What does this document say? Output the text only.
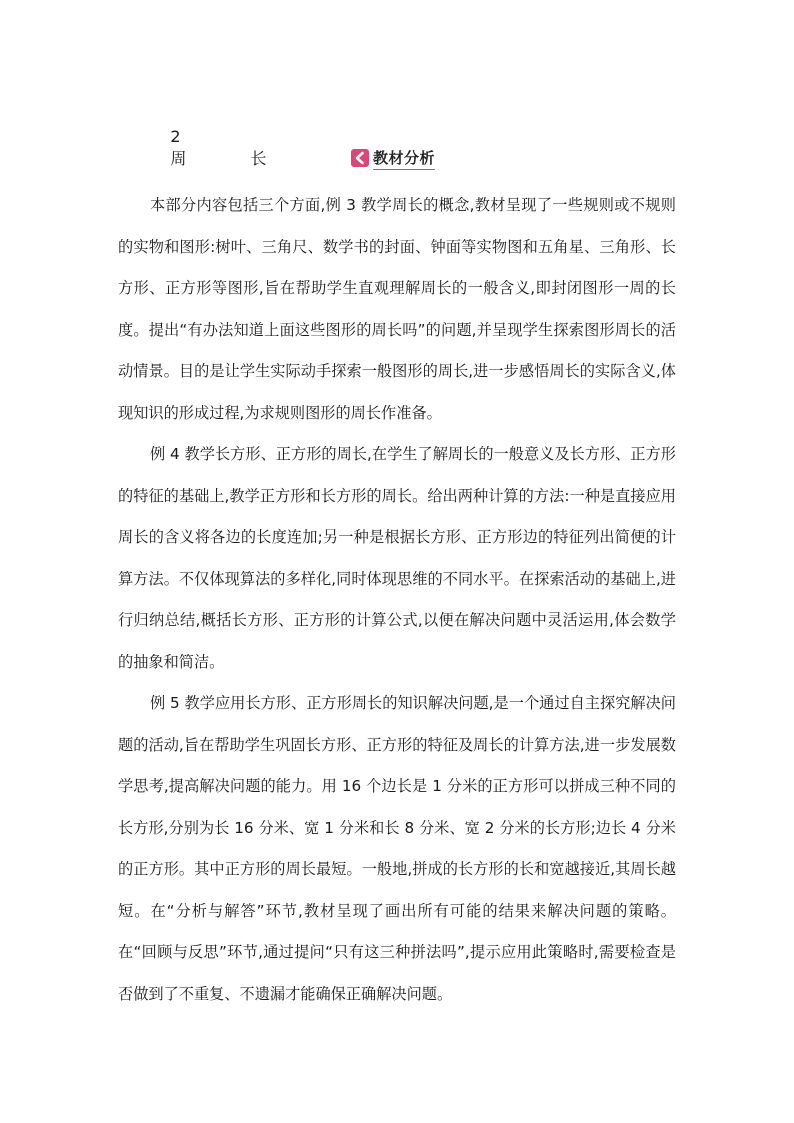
2
周  长
	教材分析

本部分内容包括三个方面,例 3 教学周长的概念,教材呈现了一些规则或不规则的实物和图形:树叶、三角尺、数学书的封面、钟面等实物图和五角星、三角形、长方形、正方形等图形,旨在帮助学生直观理解周长的一般含义,即封闭图形一周的长度。提出“有办法知道上面这些图形的周长吗”的问题,并呈现学生探索图形周长的活动情景。目的是让学生实际动手探索一般图形的周长,进一步感悟周长的实际含义,体现知识的形成过程,为求规则图形的周长作准备。

例 4 教学长方形、正方形的周长,在学生了解周长的一般意义及长方形、正方形的特征的基础上,教学正方形和长方形的周长。给出两种计算的方法:一种是直接应用周长的含义将各边的长度连加;另一种是根据长方形、正方形边的特征列出简便的计算方法。不仅体现算法的多样化,同时体现思维的不同水平。在探索活动的基础上,进行归纳总结,概括长方形、正方形的计算公式,以便在解决问题中灵活运用,体会数学的抽象和简洁。

例 5 教学应用长方形、正方形周长的知识解决问题,是一个通过自主探究解决问题的活动,旨在帮助学生巩固长方形、正方形的特征及周长的计算方法,进一步发展数学思考,提高解决问题的能力。用 16 个边长是 1 分米的正方形可以拼成三种不同的长方形,分别为长 16 分米、宽 1 分米和长 8 分米、宽 2 分米的长方形;边长 4 分米的正方形。其中正方形的周长最短。一般地,拼成的长方形的长和宽越接近,其周长越短。在“分析与解答”环节,教材呈现了画出所有可能的结果来解决问题的策略。 在“回顾与反思”环节,通过提问“只有这三种拼法吗”,提示应用此策略时,需要检查是否做到了不重复、不遗漏才能确保正确解决问题。
